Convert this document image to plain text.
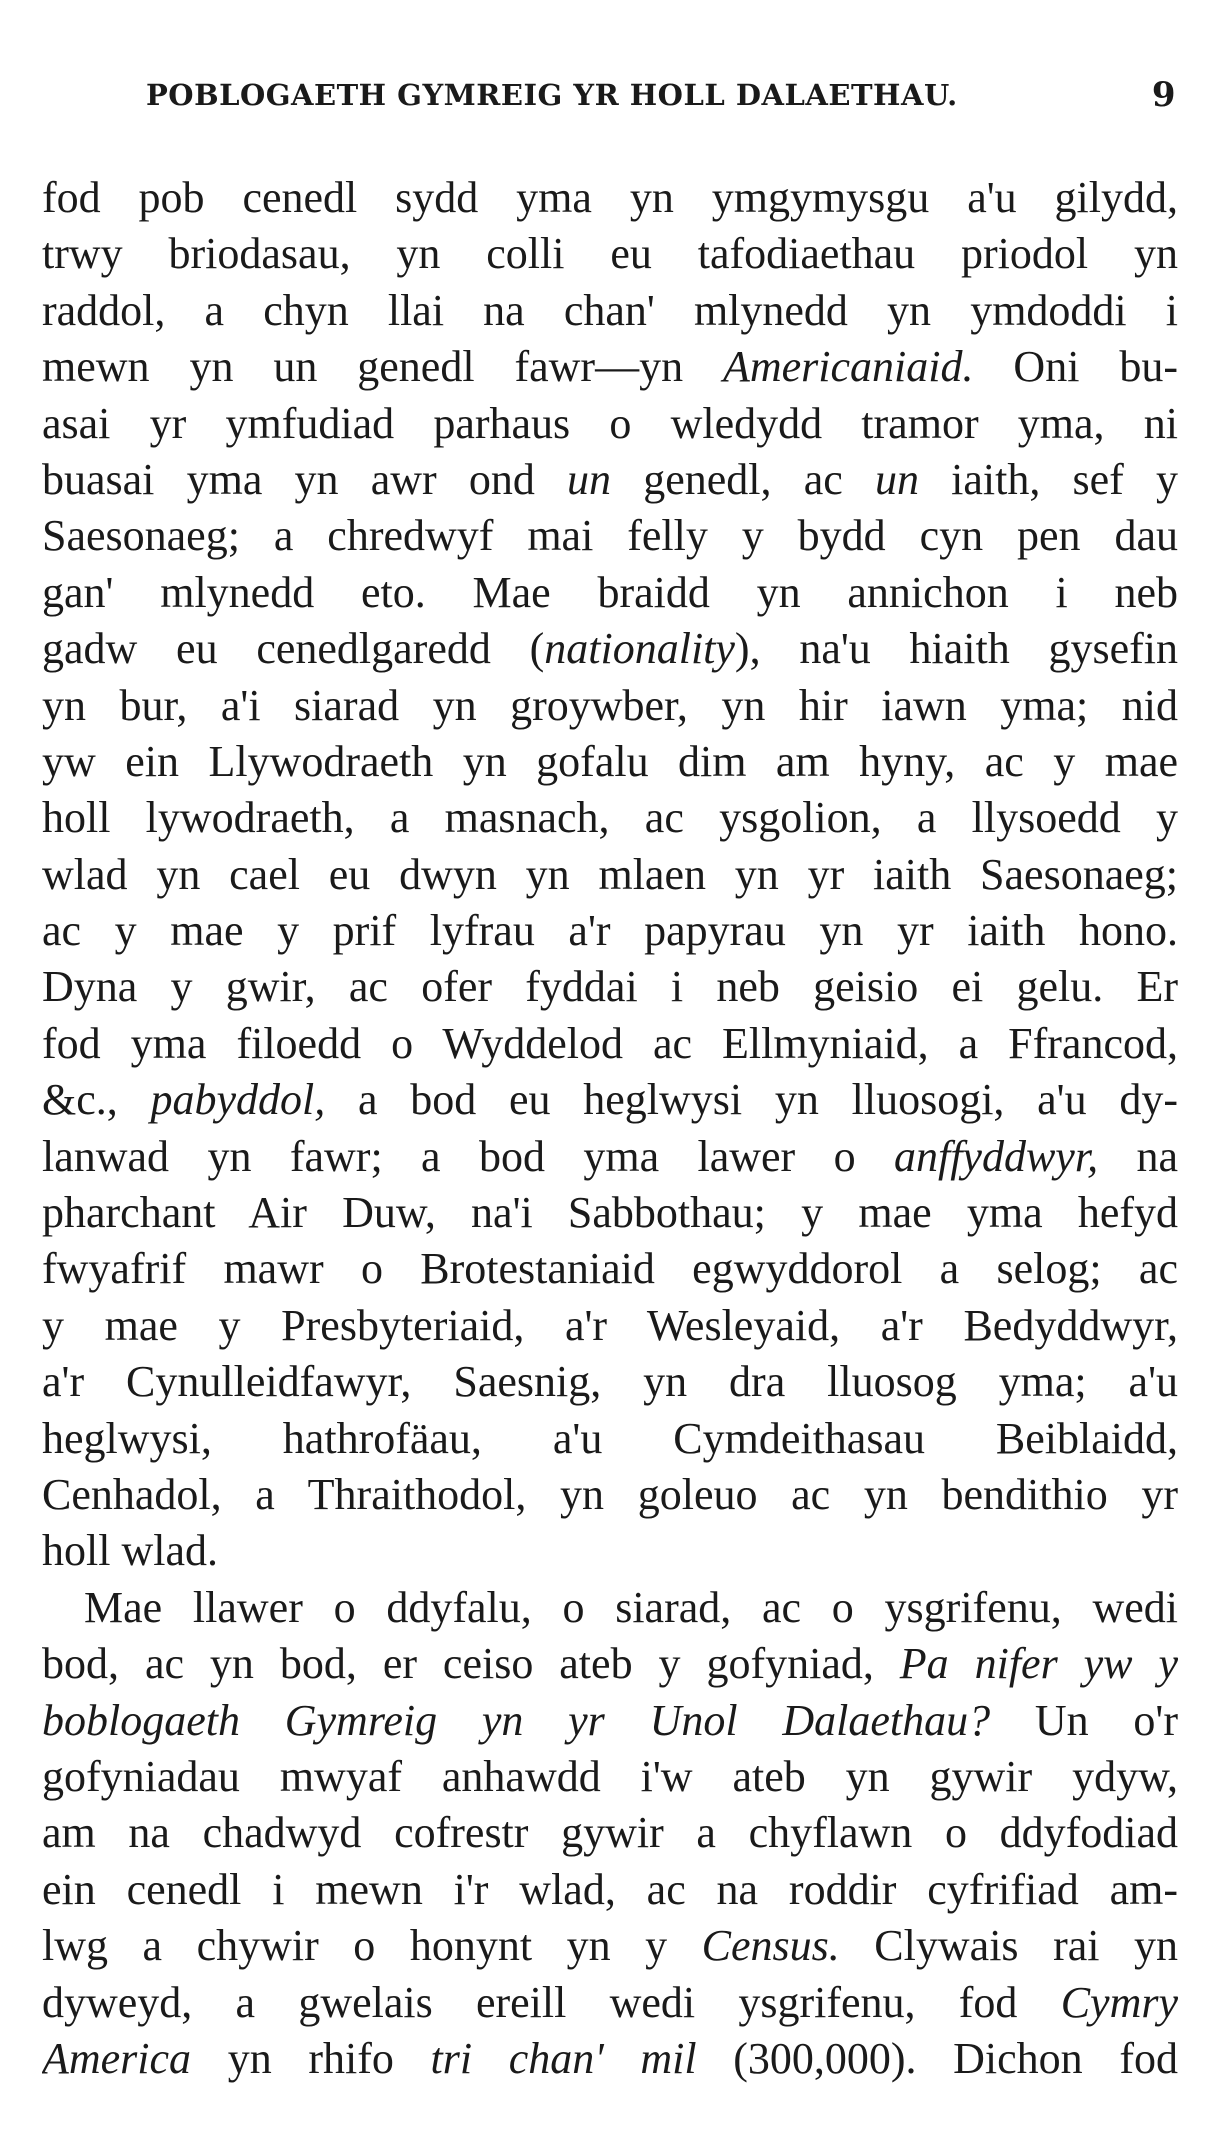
POBLOGAETH GYMREIG YR HOLL DALAETHAU.	9
fod pob cenedl sydd yma yn ymgymysgu a'u gilydd,
trwy briodasau, yn colli eu tafodiaethau priodol yn
raddol, a chyn llai na chan' mlynedd yn ymdoddi i
mewn yn un genedl fawr—yn Americaniaid. Oni bu-
asai yr ymfudiad parhaus o wledydd tramor yma, ni
buasai yma yn awr ond un genedl, ac un iaith, sef y
Saesonaeg; a chredwyf mai felly y bydd cyn pen dau
gan' mlynedd eto. Mae braidd yn annichon i neb
gadw eu cenedlgaredd (nationality), na'u hiaith gysefin
yn bur, a'i siarad yn groywber, yn hir iawn yma; nid
yw ein Llywodraeth yn gofalu dim am hyny, ac y mae
holl lywodraeth, a masnach, ac ysgolion, a llysoedd y
wlad yn cael eu dwyn yn mlaen yn yr iaith Saesonaeg;
ac y mae y prif lyfrau a'r papyrau yn yr iaith hono.
Dyna y gwir, ac ofer fyddai i neb geisio ei gelu. Er
fod yma filoedd o Wyddelod ac Ellmyniaid, a Ffrancod,
&c., pabyddol, a bod eu heglwysi yn lluosogi, a'u dy-
lanwad yn fawr; a bod yma lawer o anffyddwyr, na
pharchant Air Duw, na'i Sabbothau; y mae yma hefyd
fwyafrif mawr o Brotestaniaid egwyddorol a selog; ac
y mae y Presbyteriaid, a'r Wesleyaid, a'r Bedyddwyr,
a'r Cynulleidfawyr, Saesnig, yn dra lluosog yma; a'u
heglwysi, hathrofäau, a'u Cymdeithasau Beiblaidd,
Cenhadol, a Thraithodol, yn goleuo ac yn bendithio yr
holl wlad.
Mae llawer o ddyfalu, o siarad, ac o ysgrifenu, wedi
bod, ac yn bod, er ceiso ateb y gofyniad, Pa nifer yw y
boblogaeth Gymreig yn yr Unol Dalaethau? Un o'r
gofyniadau mwyaf anhawdd i'w ateb yn gywir ydyw,
am na chadwyd cofrestr gywir a chyflawn o ddyfodiad
ein cenedl i mewn i'r wlad, ac na roddir cyfrifiad am-
lwg a chywir o honynt yn y Census. Clywais rai yn
dyweyd, a gwelais ereill wedi ysgrifenu, fod Cymry
America yn rhifo tri chan' mil (300,000). Dichon fod
